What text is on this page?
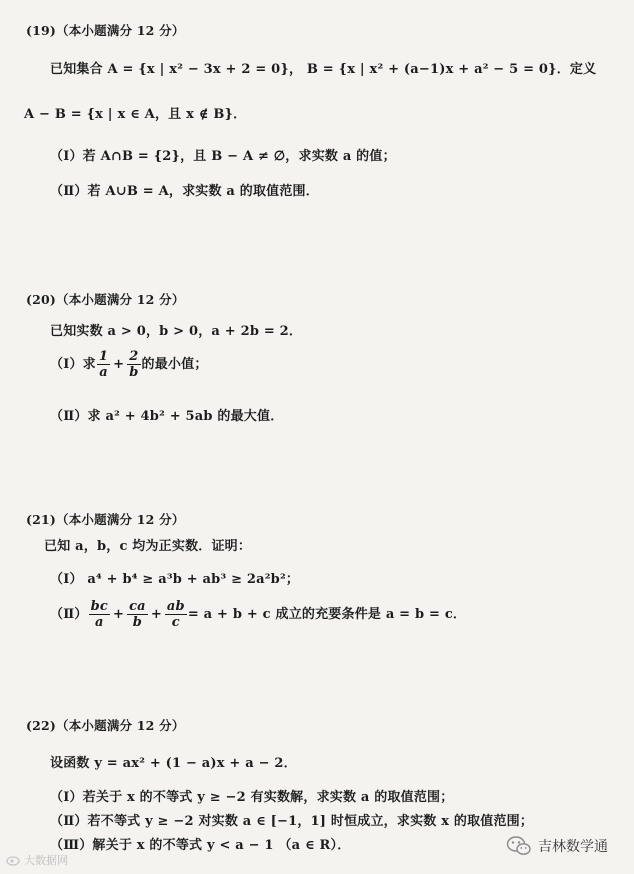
(19)（本小题满分 12 分）
已知集合 A = {x | x² − 3x + 2 = 0}， B = {x | x² + (a−1)x + a² − 5 = 0}．定义
A − B = {x | x ∈ A，且 x ∉ B}．
（Ⅰ）若 A∩B = {2}，且 B − A ≠ ∅，求实数 a 的值；
（Ⅱ）若 A∪B = A，求实数 a 的取值范围．
(20)（本小题满分 12 分）
已知实数 a > 0，b > 0，a + 2b = 2．
（Ⅰ）求 $\frac{1}{a} + \frac{2}{b}$ 的最小值；
（Ⅱ）求 a² + 4b² + 5ab 的最大值．
(21)（本小题满分 12 分）
已知 a，b，c 均为正实数．证明：
（Ⅰ） a⁴ + b⁴ ≥ a³b + ab³ ≥ 2a²b²；
（Ⅱ） $\frac{bc}{a} + \frac{ca}{b} + \frac{ab}{c} = a + b + c$ 成立的充要条件是 a = b = c．
(22)（本小题满分 12 分）
设函数 y = ax² + (1 − a)x + a − 2．
（Ⅰ）若关于 x 的不等式 y ≥ −2 有实数解，求实数 a 的取值范围；
（Ⅱ）若不等式 y ≥ −2 对实数 a ∈ [−1，1] 时恒成立，求实数 x 的取值范围；
（Ⅲ）解关于 x 的不等式 y < a − 1 （a ∈ R）．
大数据网
吉林数学通
